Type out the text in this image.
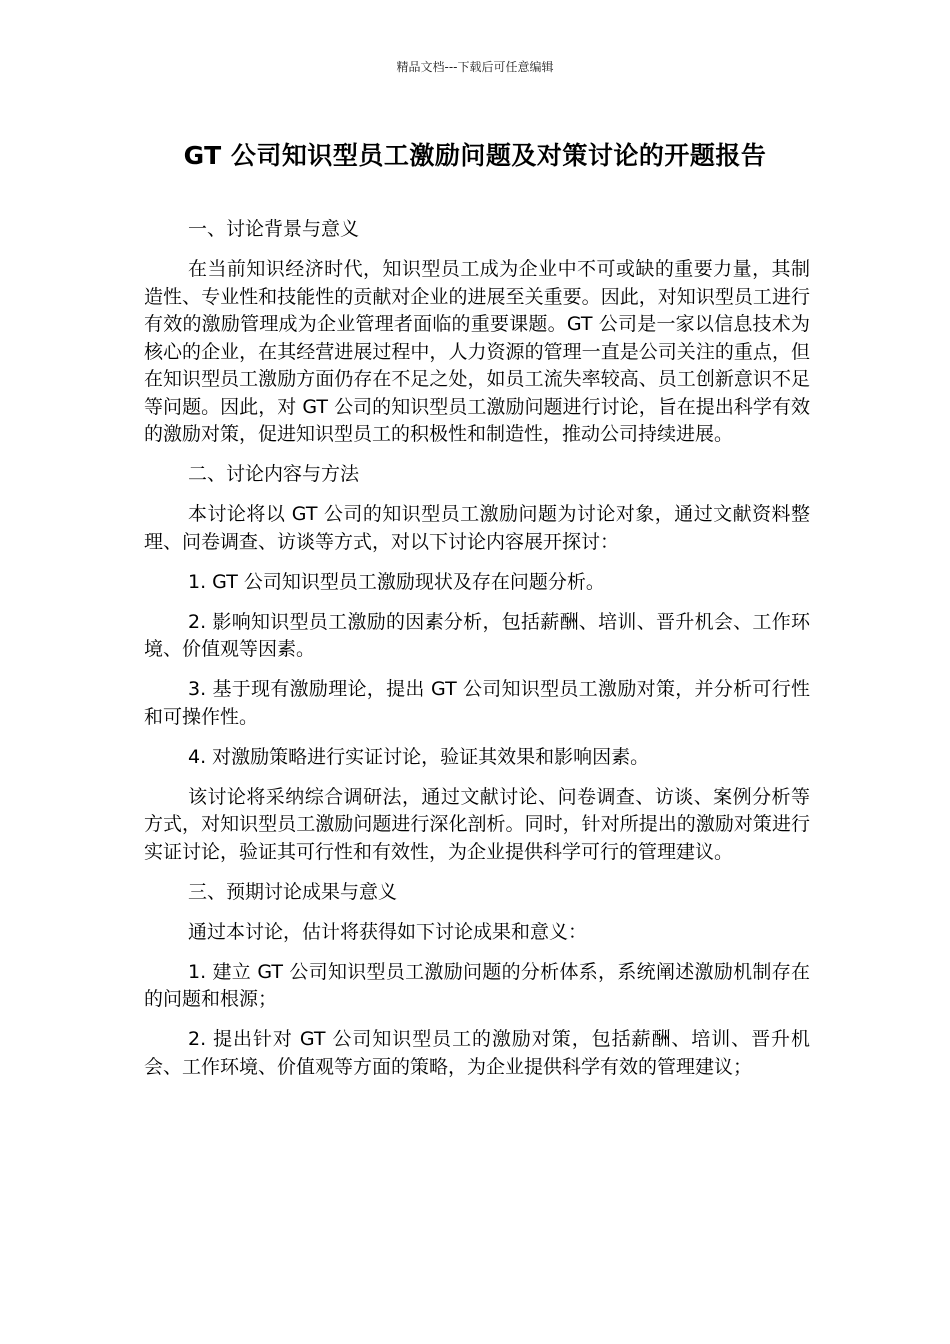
精品文档---下载后可任意编辑
GT 公司知识型员工激励问题及对策讨论的开题报告

一、讨论背景与意义

在当前知识经济时代，知识型员工成为企业中不可或缺的重要力量，其制造性、专业性和技能性的贡献对企业的进展至关重要。因此，对知识型员工进行有效的激励管理成为企业管理者面临的重要课题。GT 公司是一家以信息技术为核心的企业，在其经营进展过程中，人力资源的管理一直是公司关注的重点，但在知识型员工激励方面仍存在不足之处，如员工流失率较高、员工创新意识不足等问题。因此，对 GT 公司的知识型员工激励问题进行讨论，旨在提出科学有效的激励对策，促进知识型员工的积极性和制造性，推动公司持续进展。

二、讨论内容与方法

本讨论将以 GT 公司的知识型员工激励问题为讨论对象，通过文献资料整理、问卷调查、访谈等方式，对以下讨论内容展开探讨：

1. GT 公司知识型员工激励现状及存在问题分析。

2. 影响知识型员工激励的因素分析，包括薪酬、培训、晋升机会、工作环境、价值观等因素。

3. 基于现有激励理论，提出 GT 公司知识型员工激励对策，并分析可行性和可操作性。

4. 对激励策略进行实证讨论，验证其效果和影响因素。

该讨论将采纳综合调研法，通过文献讨论、问卷调查、访谈、案例分析等方式，对知识型员工激励问题进行深化剖析。同时，针对所提出的激励对策进行实证讨论，验证其可行性和有效性，为企业提供科学可行的管理建议。

三、预期讨论成果与意义

通过本讨论，估计将获得如下讨论成果和意义：

1. 建立 GT 公司知识型员工激励问题的分析体系，系统阐述激励机制存在的问题和根源；

2. 提出针对 GT 公司知识型员工的激励对策，包括薪酬、培训、晋升机会、工作环境、价值观等方面的策略，为企业提供科学有效的管理建议；
